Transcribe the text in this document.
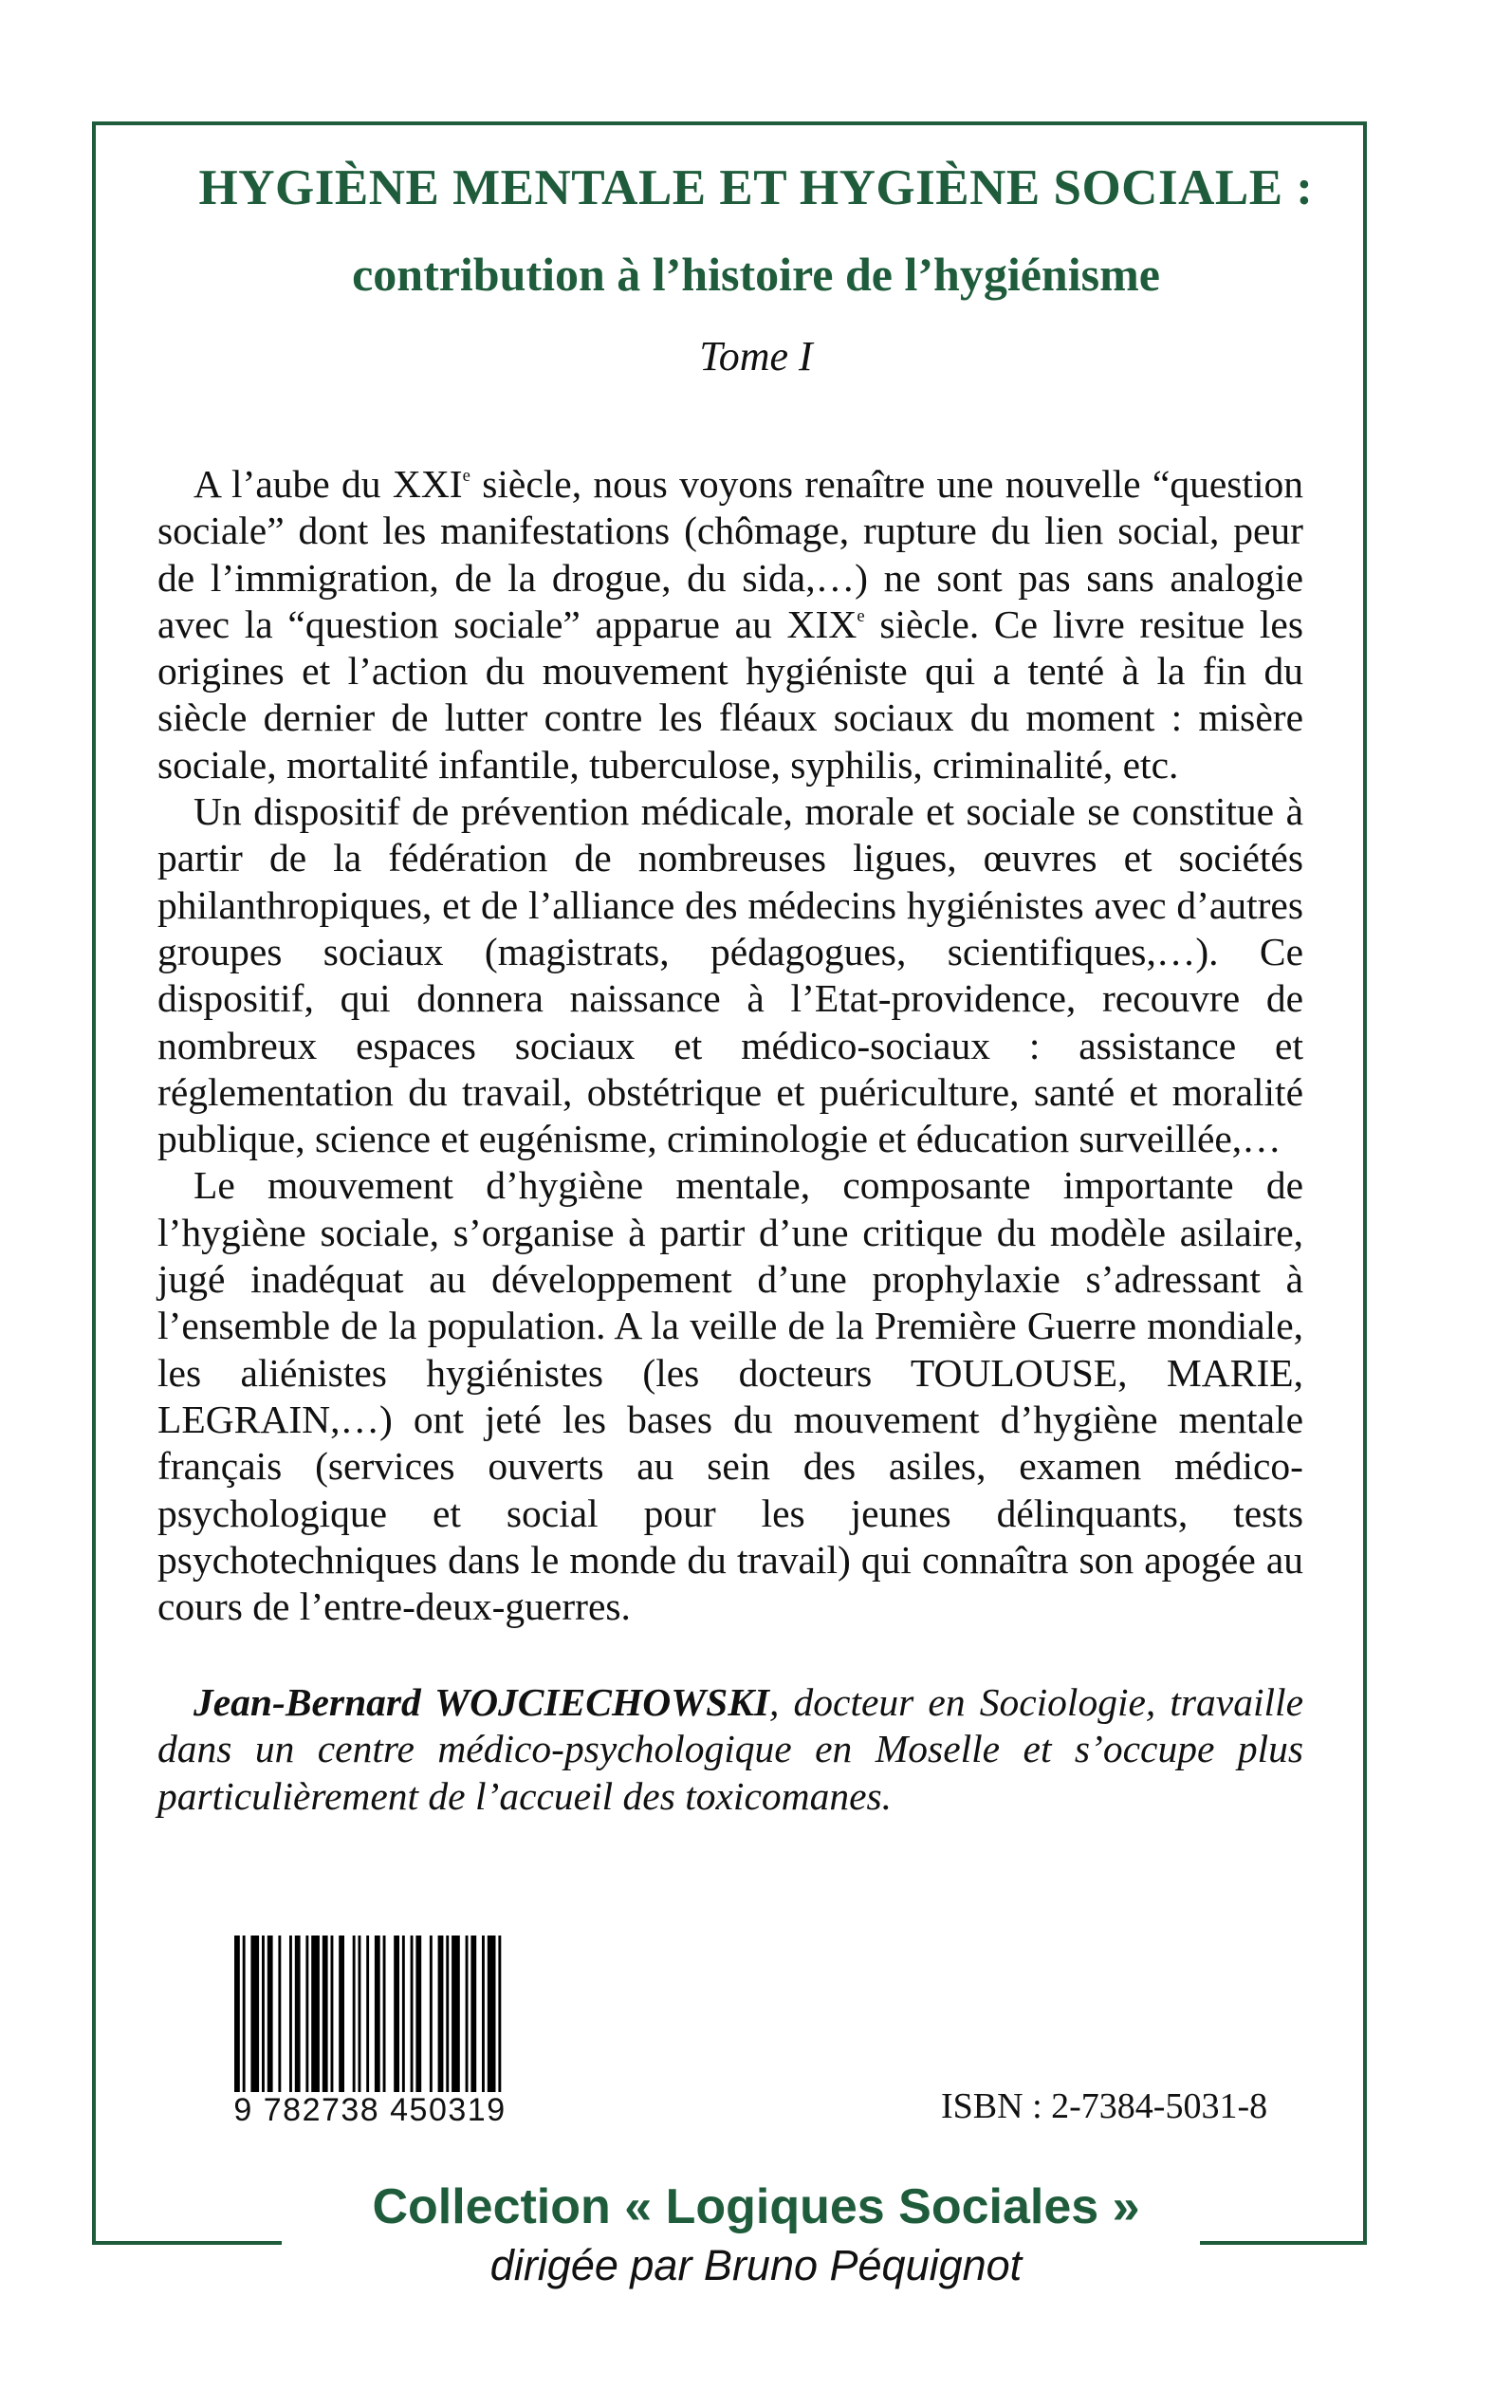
HYGIÈNE MENTALE ET HYGIÈNE SOCIALE :
contribution à l’histoire de l’hygiénisme
Tome I

A l’aube du XXIe siècle, nous voyons renaître une nouvelle “question sociale” dont les manifestations (chômage, rupture du lien social, peur de l’immigration, de la drogue, du sida,…) ne sont pas sans analogie avec la “question sociale” apparue au XIXe siècle. Ce livre resitue les origines et l’action du mouvement hygiéniste qui a tenté à la fin du siècle dernier de lutter contre les fléaux sociaux du moment : misère sociale, mortalité infantile, tuberculose, syphilis, criminalité, etc.

Un dispositif de prévention médicale, morale et sociale se constitue à partir de la fédération de nombreuses ligues, œuvres et sociétés philanthropiques, et de l’alliance des médecins hygiénistes avec d’autres groupes sociaux (magistrats, pédagogues, scientifiques,…). Ce dispositif, qui donnera naissance à l’Etat-providence, recouvre de nombreux espaces sociaux et médico-sociaux : assistance et réglementation du travail, obstétrique et puériculture, santé et moralité publique, science et eugénisme, criminologie et éducation surveillée,…

Le mouvement d’hygiène mentale, composante importante de l’hygiène sociale, s’organise à partir d’une critique du modèle asilaire, jugé inadéquat au développement d’une prophylaxie s’adressant à l’ensemble de la population. A la veille de la Première Guerre mondiale, les aliénistes hygiénistes (les docteurs TOULOUSE, MARIE, LEGRAIN,…) ont jeté les bases du mouvement d’hygiène mentale français (services ouverts au sein des asiles, examen médico-psychologique et social pour les jeunes délinquants, tests psychotechniques dans le monde du travail) qui connaîtra son apogée au cours de l’entre-deux-guerres.

Jean-Bernard WOJCIECHOWSKI, docteur en Sociologie, travaille dans un centre médico-psychologique en Moselle et s’occupe plus particulièrement de l’accueil des toxicomanes.
9 782738 450319	ISBN : 2-7384-5031-8
Collection « Logiques Sociales »
dirigée par Bruno Péquignot
